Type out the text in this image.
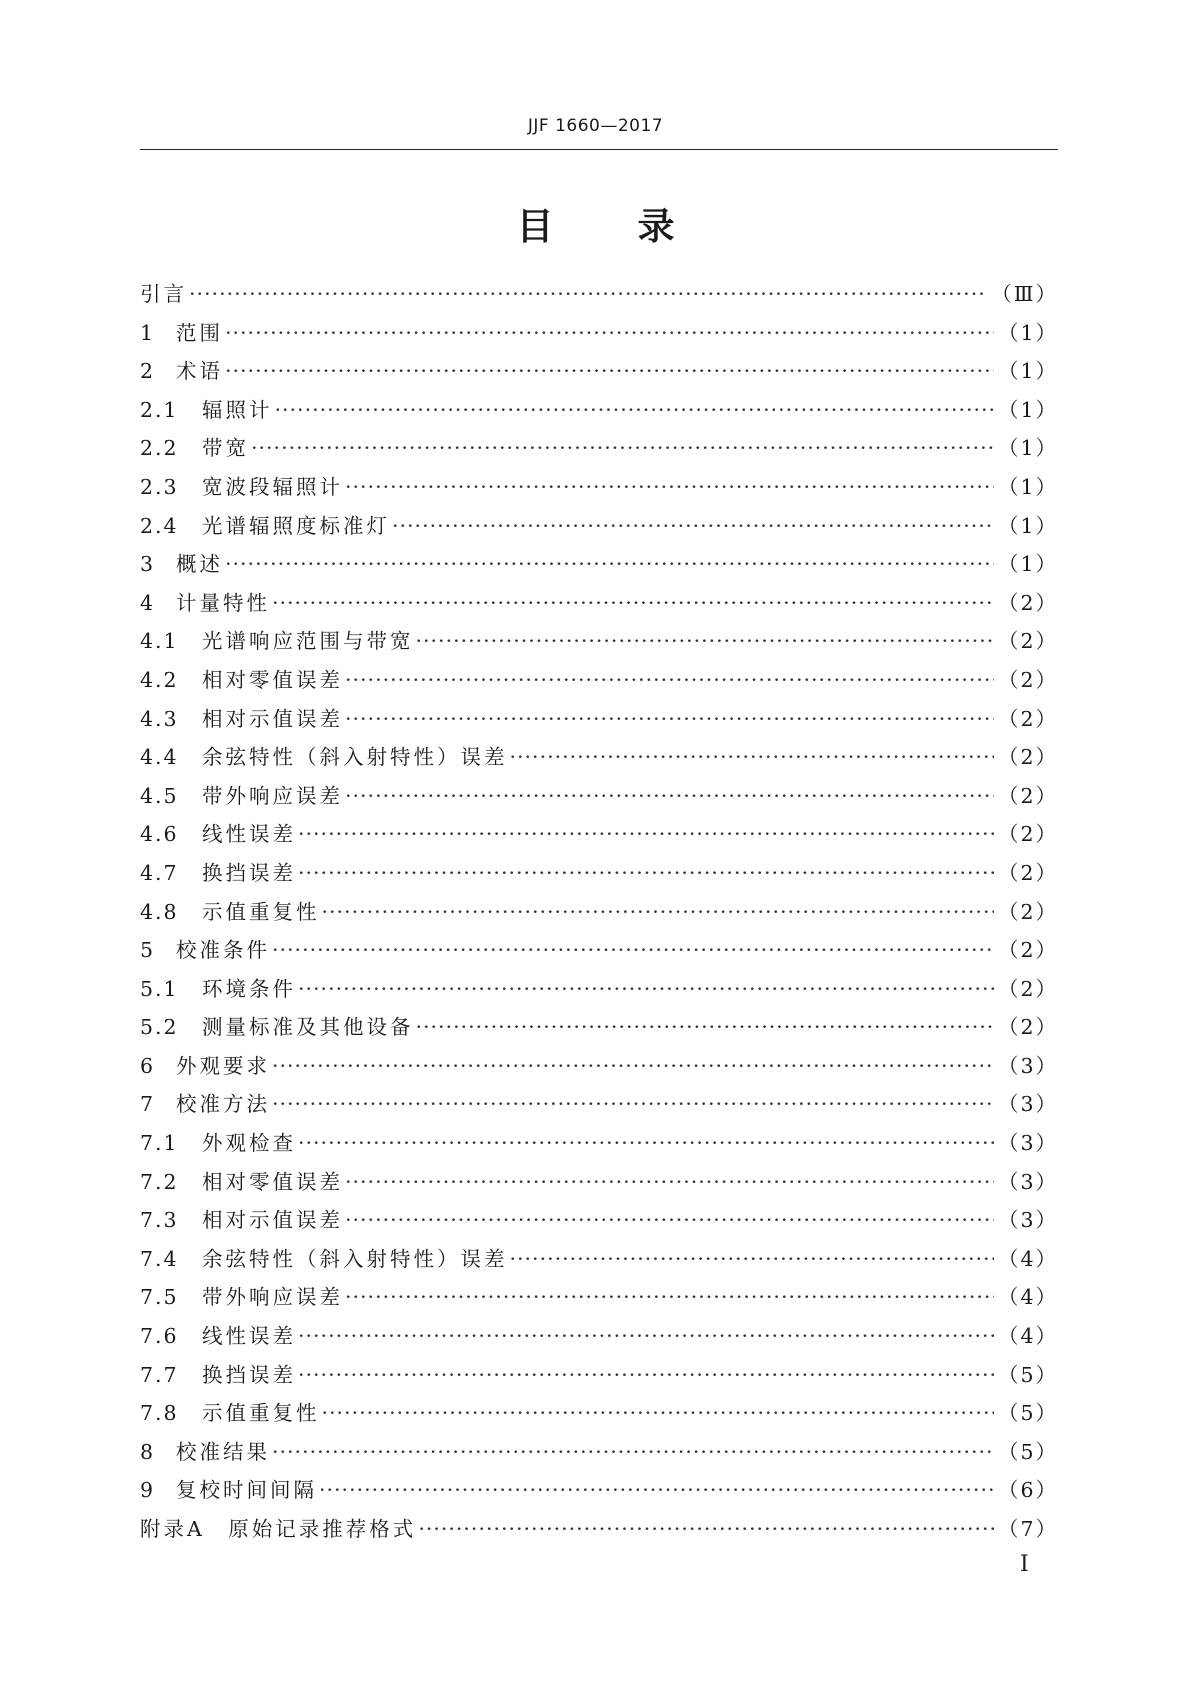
JJF 1660—2017
目录
引言 ·····	（Ⅲ）
1	范围 ·····	（1）
2	术语 ·····	（1）
2.1	辐照计 ·····	（1）
2.2	带宽 ·····	（1）
2.3	宽波段辐照计 ·····	（1）
2.4	光谱辐照度标准灯 ·····	（1）
3	概述 ·····	（1）
4	计量特性 ·····	（2）
4.1	光谱响应范围与带宽 ·····	（2）
4.2	相对零值误差 ·····	（2）
4.3	相对示值误差 ·····	（2）
4.4	余弦特性（斜入射特性）误差 ·····	（2）
4.5	带外响应误差 ·····	（2）
4.6	线性误差 ·····	（2）
4.7	换挡误差 ·····	（2）
4.8	示值重复性 ·····	（2）
5	校准条件 ·····	（2）
5.1	环境条件 ·····	（2）
5.2	测量标准及其他设备 ·····	（2）
6	外观要求 ·····	（3）
7	校准方法 ·····	（3）
7.1	外观检查 ·····	（3）
7.2	相对零值误差 ·····	（3）
7.3	相对示值误差 ·····	（3）
7.4	余弦特性（斜入射特性）误差 ·····	（4）
7.5	带外响应误差 ·····	（4）
7.6	线性误差 ·····	（4）
7.7	换挡误差 ·····	（5）
7.8	示值重复性 ·····	（5）
8	校准结果 ·····	（5）
9	复校时间间隔 ·····	（6）
附录A　原始记录推荐格式 ·····	（7）
Ⅰ
